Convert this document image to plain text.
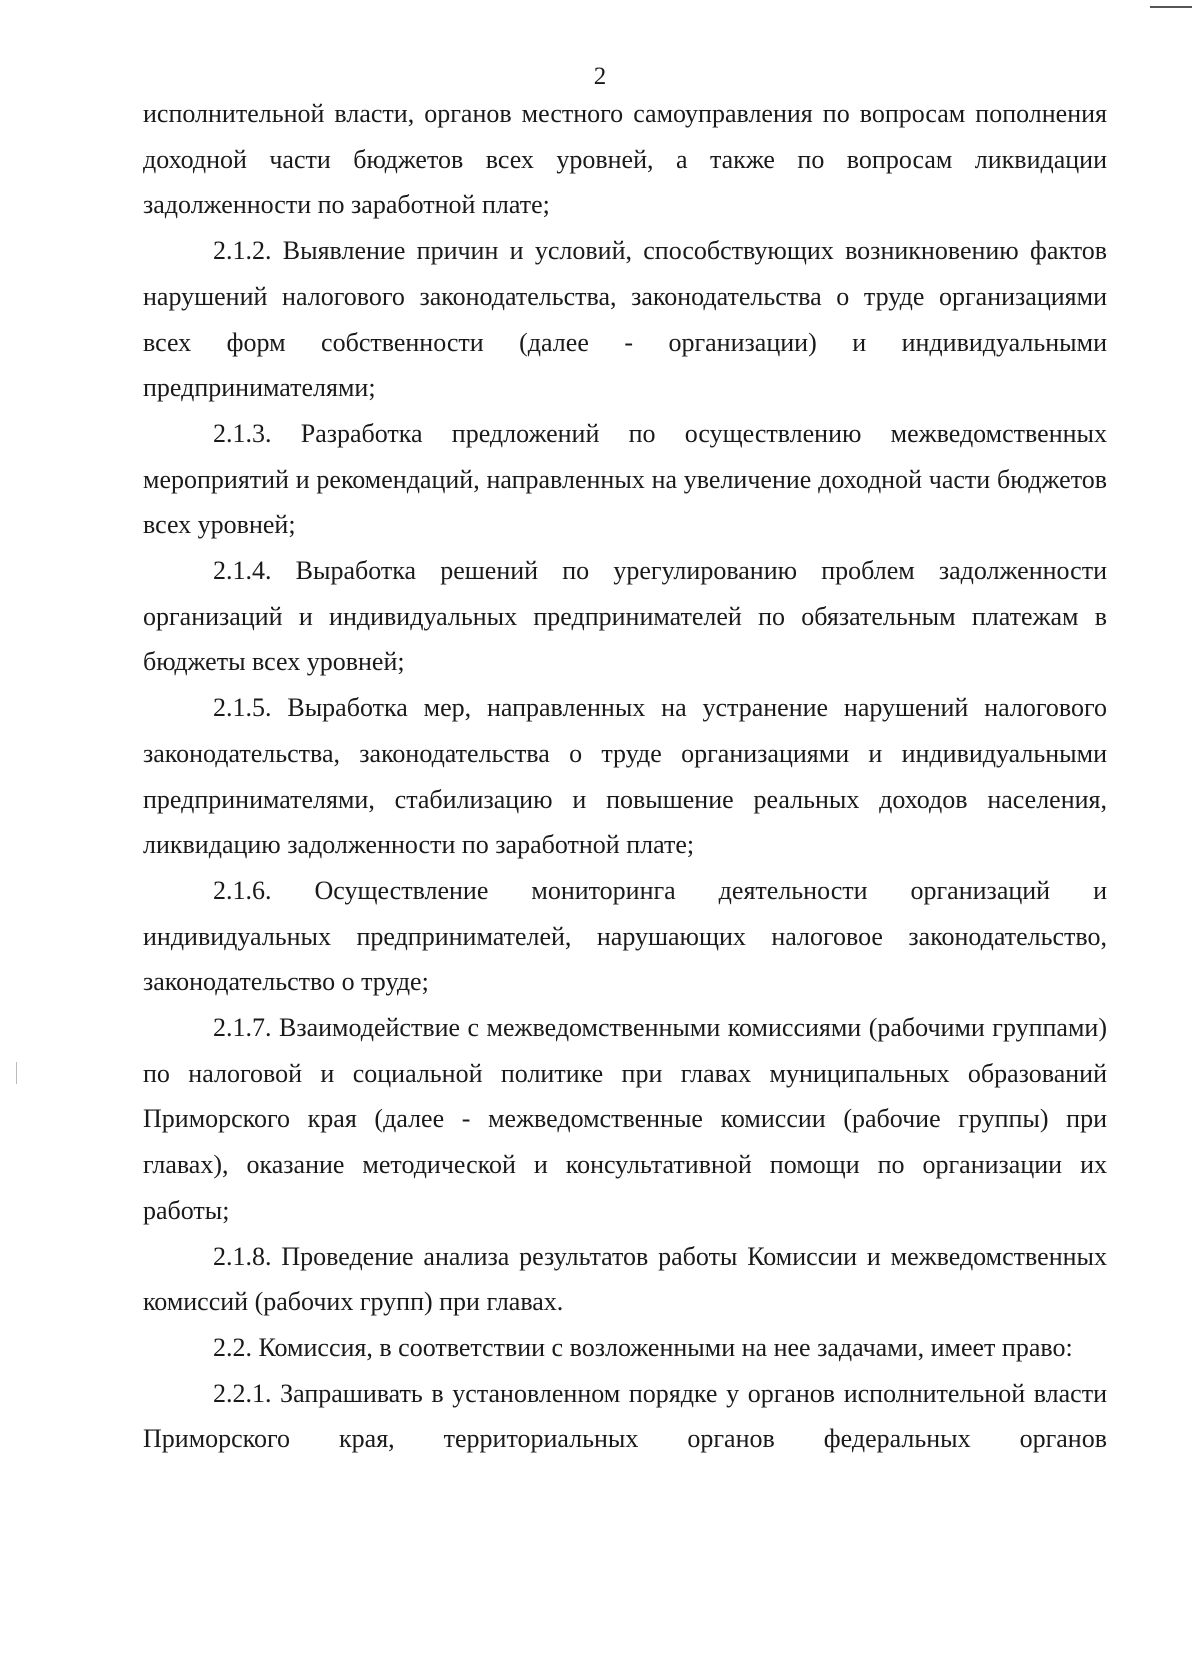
2

исполнительной власти, органов местного самоуправления по вопросам пополнения доходной части бюджетов всех уровней, а также по вопросам ликвидации задолженности по заработной плате;

2.1.2. Выявление причин и условий, способствующих возникновению фактов нарушений налогового законодательства, законодательства о труде организациями всех форм собственности (далее - организации) и индивидуальными предпринимателями;

2.1.3. Разработка предложений по осуществлению межведомственных мероприятий и рекомендаций, направленных на увеличение доходной части бюджетов всех уровней;

2.1.4. Выработка решений по урегулированию проблем задолженности организаций и индивидуальных предпринимателей по обязательным платежам в бюджеты всех уровней;

2.1.5. Выработка мер, направленных на устранение нарушений налогового законодательства, законодательства о труде организациями и индивидуальными предпринимателями, стабилизацию и повышение реальных доходов населения, ликвидацию задолженности по заработной плате;

2.1.6. Осуществление мониторинга деятельности организаций и индивидуальных предпринимателей, нарушающих налоговое законодательство, законодательство о труде;

2.1.7. Взаимодействие с межведомственными комиссиями (рабочими группами) по налоговой и социальной политике при главах муниципальных образований Приморского края (далее - межведомственные комиссии (рабочие группы) при главах), оказание методической и консультативной помощи по организации их работы;

2.1.8. Проведение анализа результатов работы Комиссии и межведомственных комиссий (рабочих групп) при главах.

2.2. Комиссия, в соответствии с возложенными на нее задачами, имеет право:

2.2.1. Запрашивать в установленном порядке у органов исполнительной власти Приморского края, территориальных органов федеральных органов
